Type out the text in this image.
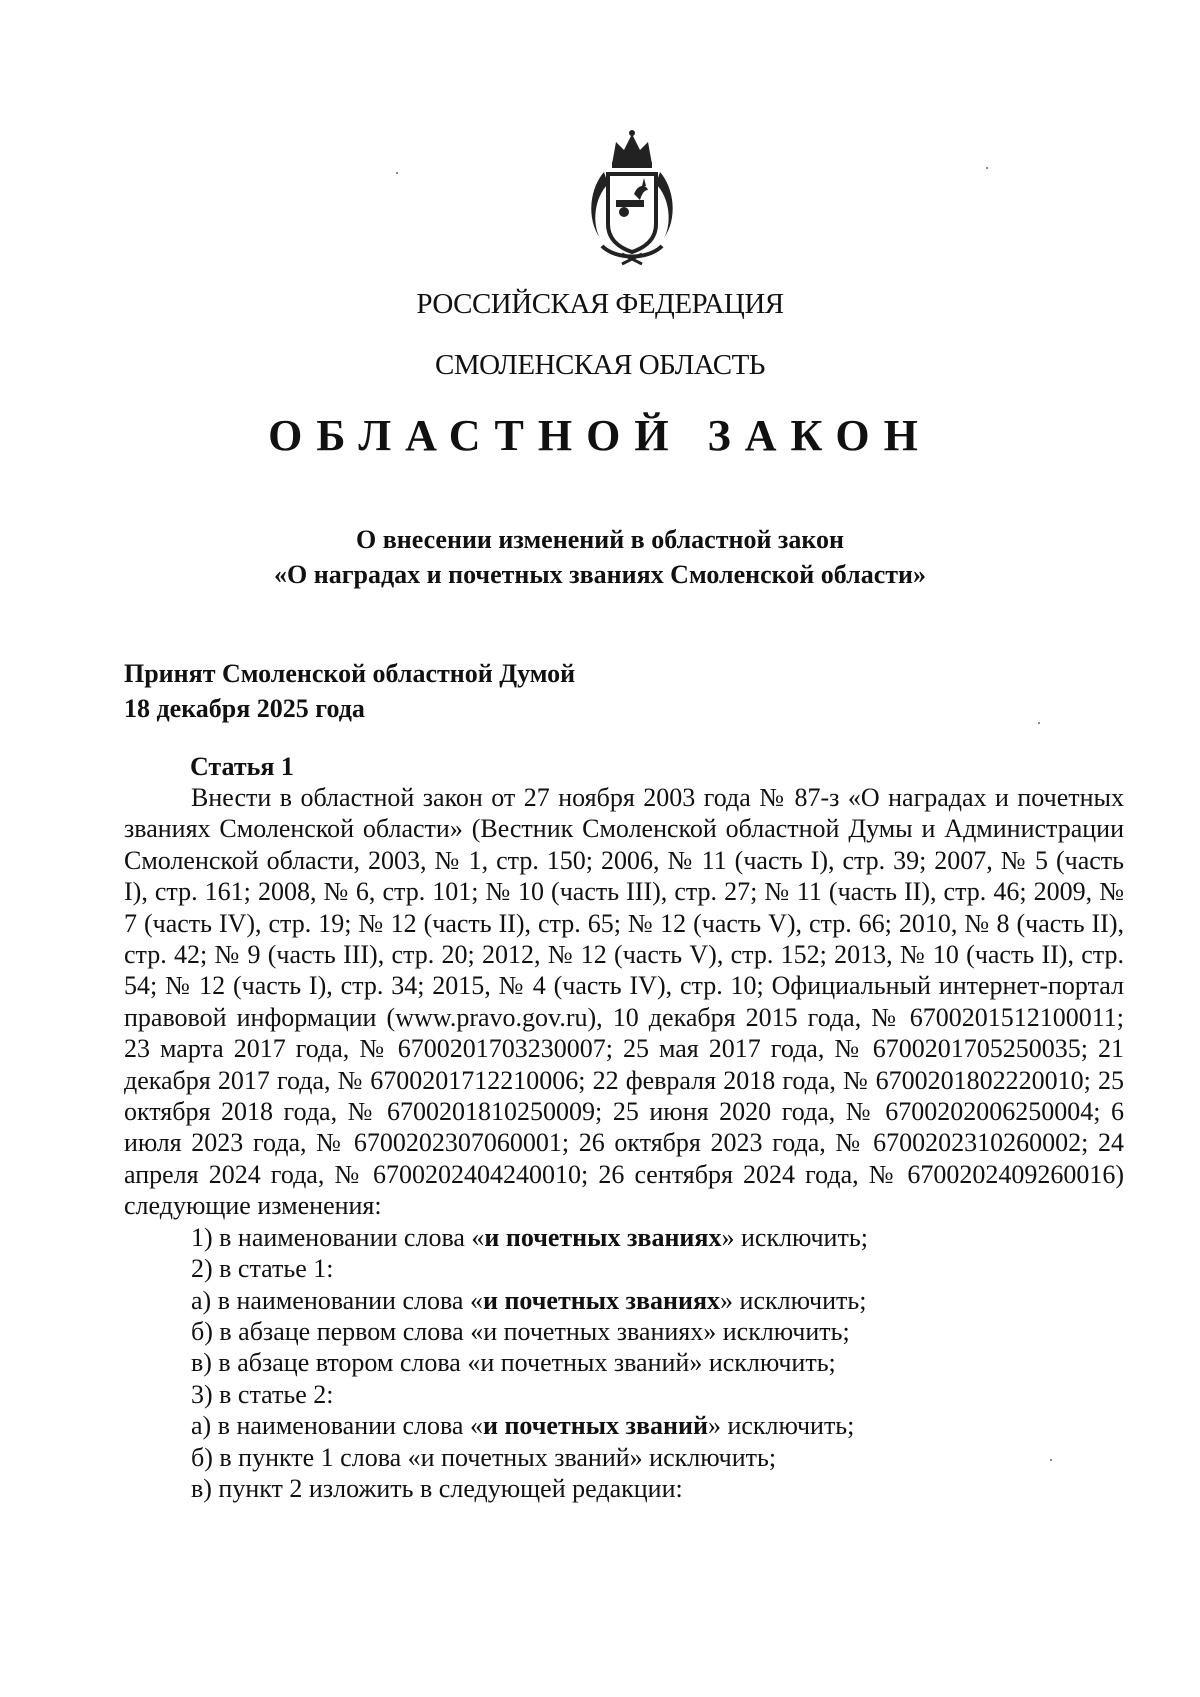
РОССИЙСКАЯ ФЕДЕРАЦИЯ
СМОЛЕНСКАЯ ОБЛАСТЬ
ОБЛАСТНОЙ ЗАКОН
О внесении изменений в областной закон
«О наградах и почетных званиях Смоленской области»
Принят Смоленской областной Думой
18 декабря 2025 года
Статья 1

Внести в областной закон от 27 ноября 2003 года № 87-з «О наградах и почетных званиях Смоленской области» (Вестник Смоленской областной Думы и Администрации Смоленской области, 2003, № 1, стр. 150; 2006, № 11 (часть I), стр. 39; 2007, № 5 (часть I), стр. 161; 2008, № 6, стр. 101; № 10 (часть III), стр. 27; № 11 (часть II), стр. 46; 2009, № 7 (часть IV), стр. 19; № 12 (часть II), стр. 65; № 12 (часть V), стр. 66; 2010, № 8 (часть II), стр. 42; № 9 (часть III), стр. 20; 2012, № 12 (часть V), стр. 152; 2013, № 10 (часть II), стр. 54; № 12 (часть I), стр. 34; 2015, № 4 (часть IV), стр. 10; Официальный интернет-портал правовой информации (www.pravo.gov.ru), 10 декабря 2015 года, № 6700201512100011; 23 марта 2017 года, № 6700201703230007; 25 мая 2017 года, № 6700201705250035; 21 декабря 2017 года, № 6700201712210006; 22 февраля 2018 года, № 6700201802220010; 25 октября 2018 года, № 6700201810250009; 25 июня 2020 года, № 6700202006250004; 6 июля 2023 года, № 6700202307060001; 26 октября 2023 года, № 6700202310260002; 24 апреля 2024 года, № 6700202404240010; 26 сентября 2024 года, № 6700202409260016) следующие изменения:

1) в наименовании слова «и почетных званиях» исключить;

2) в статье 1:

а) в наименовании слова «и почетных званиях» исключить;

б) в абзаце первом слова «и почетных званиях» исключить;

в) в абзаце втором слова «и почетных званий» исключить;

3) в статье 2:

а) в наименовании слова «и почетных званий» исключить;

б) в пункте 1 слова «и почетных званий» исключить;

в) пункт 2 изложить в следующей редакции:
